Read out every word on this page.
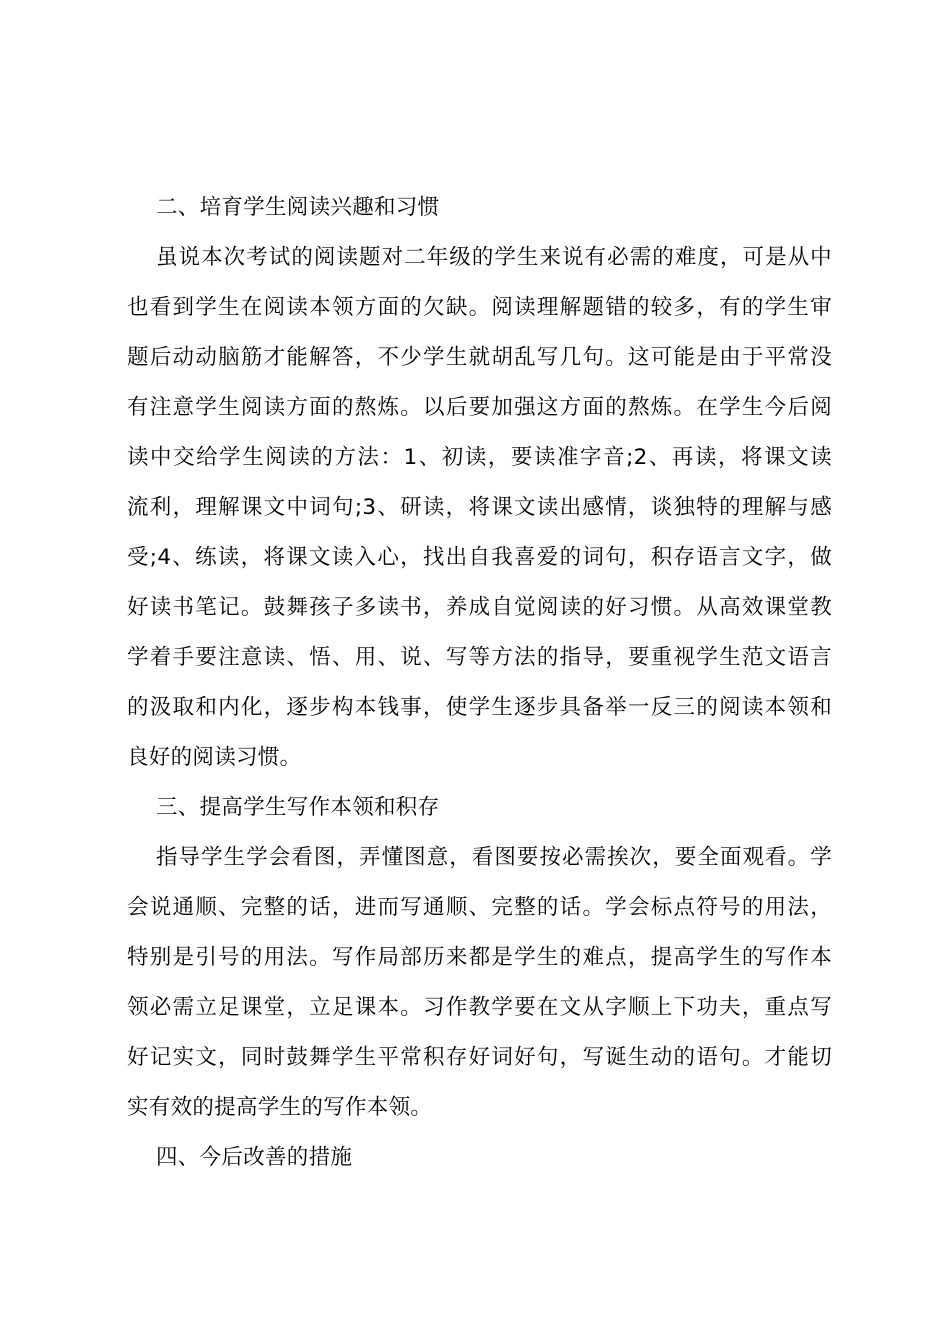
二、培育学生阅读兴趣和习惯
虽说本次考试的阅读题对二年级的学生来说有必需的难度，可是从中
也看到学生在阅读本领方面的欠缺。阅读理解题错的较多，有的学生审
题后动动脑筋才能解答，不少学生就胡乱写几句。这可能是由于平常没
有注意学生阅读方面的熬炼。以后要加强这方面的熬炼。在学生今后阅
读中交给学生阅读的方法：1、初读，要读准字音;2、再读，将课文读
流利，理解课文中词句;3、研读，将课文读出感情，谈独特的理解与感
受;4、练读，将课文读入心，找出自我喜爱的词句，积存语言文字，做
好读书笔记。鼓舞孩子多读书，养成自觉阅读的好习惯。从高效课堂教
学着手要注意读、悟、用、说、写等方法的指导，要重视学生范文语言
的汲取和内化，逐步构本钱事，使学生逐步具备举一反三的阅读本领和
良好的阅读习惯。
三、提高学生写作本领和积存
指导学生学会看图，弄懂图意，看图要按必需挨次，要全面观看。学
会说通顺、完整的话，进而写通顺、完整的话。学会标点符号的用法，
特别是引号的用法。写作局部历来都是学生的难点，提高学生的写作本
领必需立足课堂，立足课本。习作教学要在文从字顺上下功夫，重点写
好记实文，同时鼓舞学生平常积存好词好句，写诞生动的语句。才能切
实有效的提高学生的写作本领。
四、今后改善的措施
